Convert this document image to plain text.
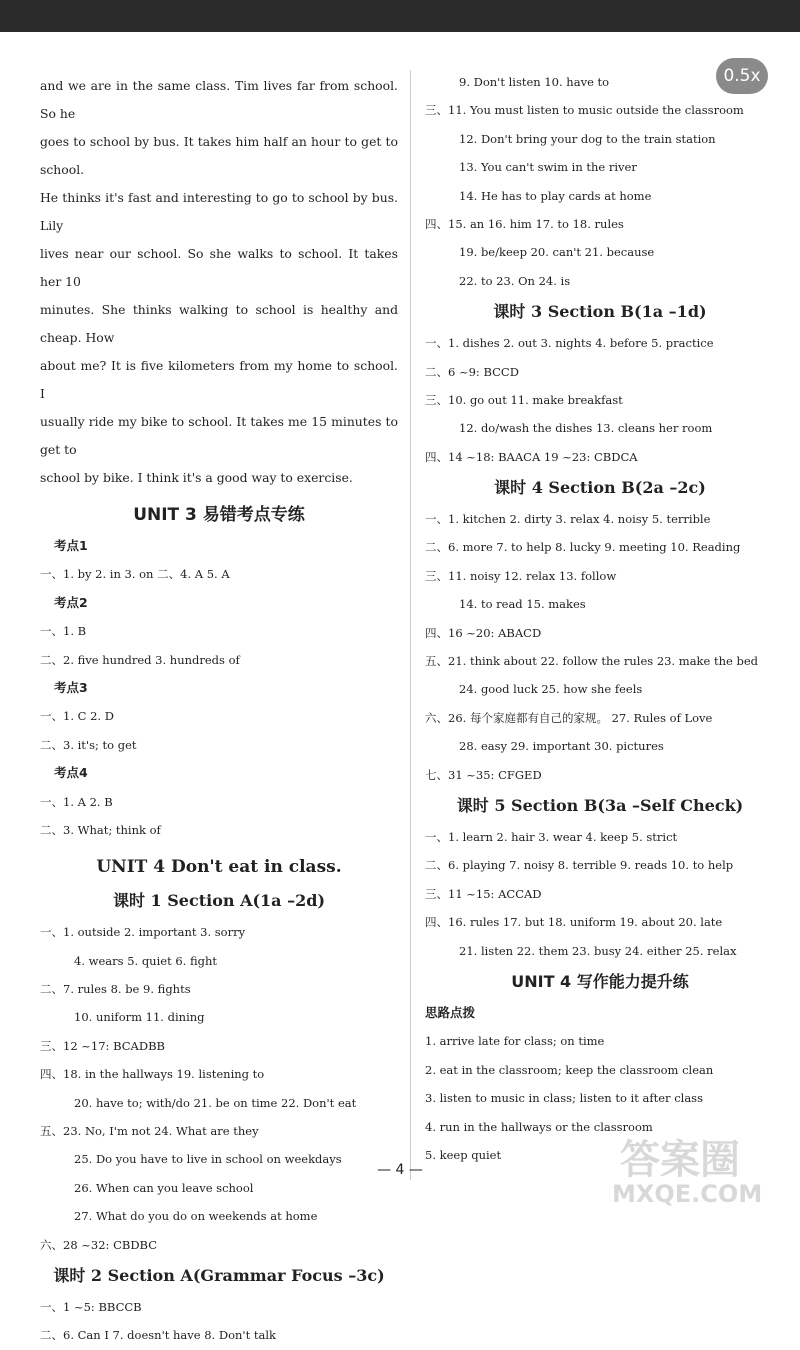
0.5x
and we are in the same class. Tim lives far from school. So he
goes to school by bus. It takes him half an hour to get to school.
He thinks it's fast and interesting to go to school by bus. Lily
lives near our school. So she walks to school. It takes her 10
minutes. She thinks walking to school is healthy and cheap. How
about me? It is five kilometers from my home to school. I
usually ride my bike to school. It takes me 15 minutes to get to
school by bike. I think it's a good way to exercise.
UNIT 3 易错考点专练
考点1
一、1. by 2. in 3. on 二、4. A 5. A
考点2
一、1. B
二、2. five hundred 3. hundreds of
考点3
一、1. C 2. D
二、3. it's; to get
考点4
一、1. A 2. B
二、3. What; think of
UNIT 4 Don't eat in class.
课时 1 Section A(1a –2d)
一、1. outside 2. important 3. sorry
4. wears 5. quiet 6. fight
二、7. rules 8. be 9. fights
10. uniform 11. dining
三、12 ~17: BCADBB
四、18. in the hallways 19. listening to
20. have to; with/do 21. be on time 22. Don't eat
五、23. No, I'm not 24. What are they
25. Do you have to live in school on weekdays
26. When can you leave school
27. What do you do on weekends at home
六、28 ~32: CBDBC
课时 2 Section A(Grammar Focus –3c)
一、1 ~5: BBCCB
二、6. Can I 7. doesn't have 8. Don't talk
9. Don't listen 10. have to
三、11. You must listen to music outside the classroom
12. Don't bring your dog to the train station
13. You can't swim in the river
14. He has to play cards at home
四、15. an 16. him 17. to 18. rules
19. be/keep 20. can't 21. because
22. to 23. On 24. is
课时 3 Section B(1a –1d)
一、1. dishes 2. out 3. nights 4. before 5. practice
二、6 ~9: BCCD
三、10. go out 11. make breakfast
12. do/wash the dishes 13. cleans her room
四、14 ~18: BAACA 19 ~23: CBDCA
课时 4 Section B(2a –2c)
一、1. kitchen 2. dirty 3. relax 4. noisy 5. terrible
二、6. more 7. to help 8. lucky 9. meeting 10. Reading
三、11. noisy 12. relax 13. follow
14. to read 15. makes
四、16 ~20: ABACD
五、21. think about 22. follow the rules 23. make the bed
24. good luck 25. how she feels
六、26. 每个家庭都有自己的家规。 27. Rules of Love
28. easy 29. important 30. pictures
七、31 ~35: CFGED
课时 5 Section B(3a –Self Check)
一、1. learn 2. hair 3. wear 4. keep 5. strict
二、6. playing 7. noisy 8. terrible 9. reads 10. to help
三、11 ~15: ACCAD
四、16. rules 17. but 18. uniform 19. about 20. late
21. listen 22. them 23. busy 24. either 25. relax
UNIT 4 写作能力提升练
思路点拨
1. arrive late for class; on time
2. eat in the classroom; keep the classroom clean
3. listen to music in class; listen to it after class
4. run in the hallways or the classroom
5. keep quiet
— 4 —	答案圈
MXQE.COM
